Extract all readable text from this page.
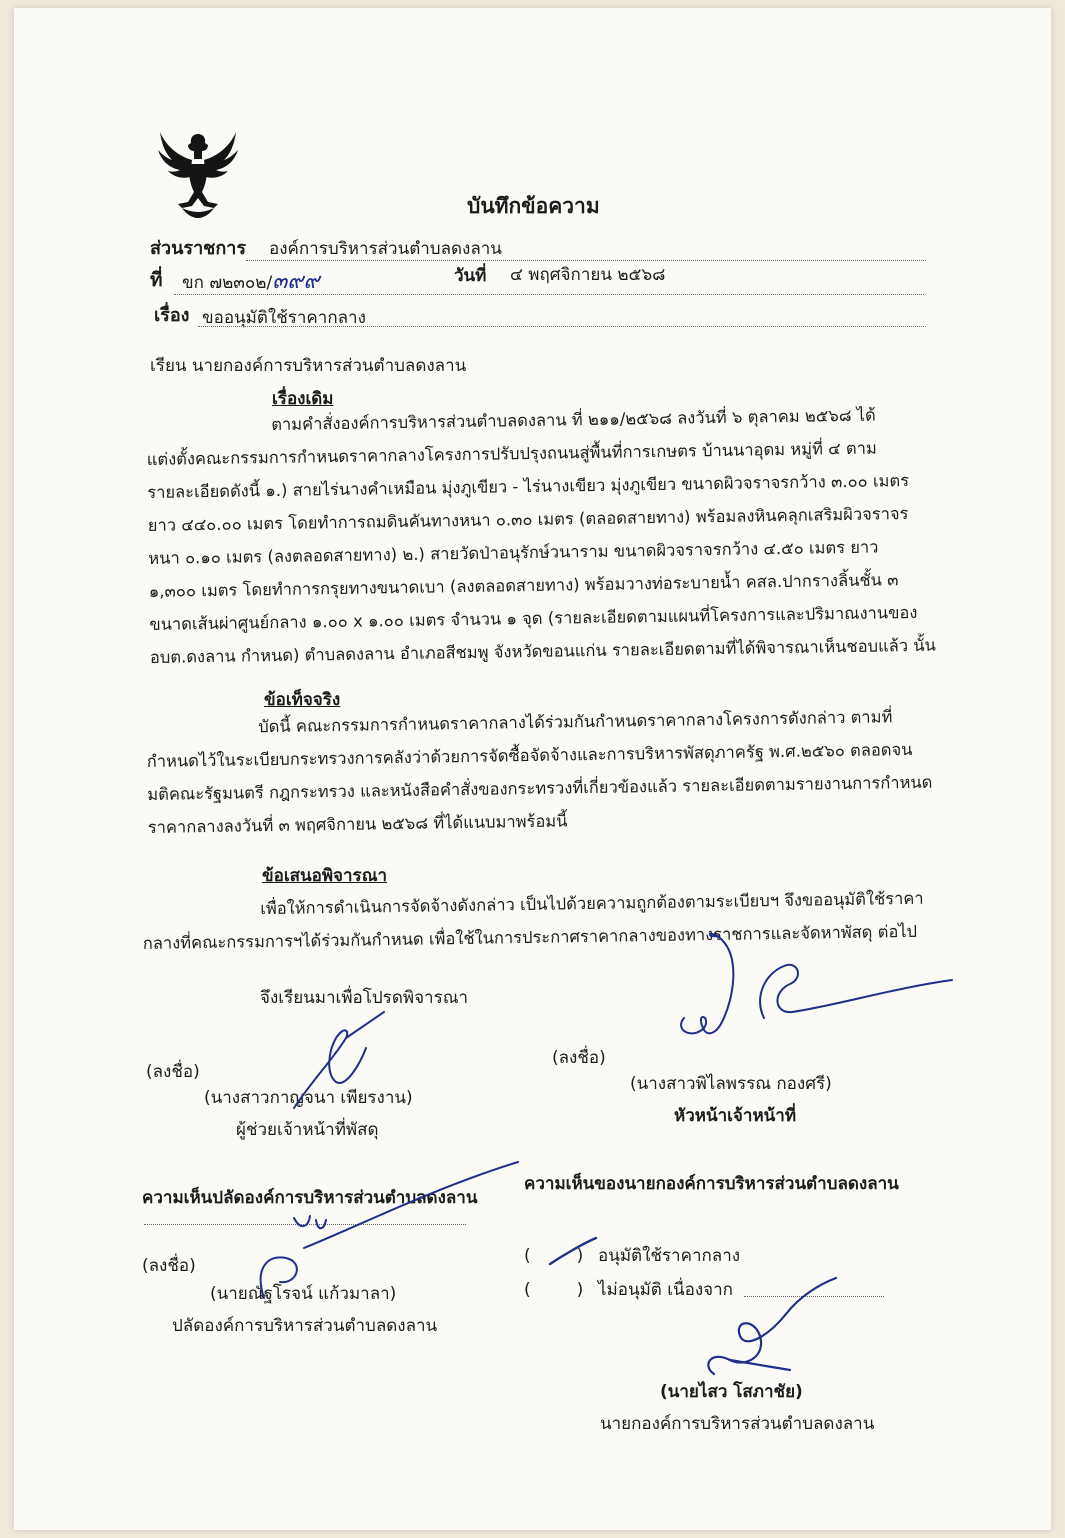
บันทึกข้อความ
ส่วนราชการ องค์การบริหารส่วนตำบลดงลาน
ที่ ขก ๗๒๓๐๒/๓๙๙	วันที่ ๔ พฤศจิกายน ๒๕๖๘
เรื่อง ขออนุมัติใช้ราคากลาง
เรียน นายกองค์การบริหารส่วนตำบลดงลาน
เรื่องเดิม
ตามคำสั่งองค์การบริหารส่วนตำบลดงลาน ที่ ๒๑๑/๒๕๖๘ ลงวันที่ ๖ ตุลาคม ๒๕๖๘ ได้
แต่งตั้งคณะกรรมการกำหนดราคากลางโครงการปรับปรุงถนนสู่พื้นที่การเกษตร บ้านนาอุดม หมู่ที่ ๔ ตาม
รายละเอียดดังนี้ ๑.) สายไร่นางคำเหมือน มุ่งภูเขียว - ไร่นางเขียว มุ่งภูเขียว ขนาดผิวจราจรกว้าง ๓.๐๐ เมตร
ยาว ๔๔๐.๐๐ เมตร โดยทำการถมดินคันทางหนา ๐.๓๐ เมตร (ตลอดสายทาง) พร้อมลงหินคลุกเสริมผิวจราจร
หนา ๐.๑๐ เมตร (ลงตลอดสายทาง) ๒.) สายวัดป่าอนุรักษ์วนาราม ขนาดผิวจราจรกว้าง ๔.๕๐ เมตร ยาว
๑,๓๐๐ เมตร โดยทำการกรุยทางขนาดเบา (ลงตลอดสายทาง) พร้อมวางท่อระบายน้ำ คสล.ปากรางลิ้นชั้น ๓
ขนาดเส้นผ่าศูนย์กลาง ๑.๐๐ x ๑.๐๐ เมตร จำนวน ๑ จุด (รายละเอียดตามแผนที่โครงการและปริมาณงานของ
อบต.ดงลาน กำหนด) ตำบลดงลาน อำเภอสีชมพู จังหวัดขอนแก่น รายละเอียดตามที่ได้พิจารณาเห็นชอบแล้ว นั้น
ข้อเท็จจริง
บัดนี้ คณะกรรมการกำหนดราคากลางได้ร่วมกันกำหนดราคากลางโครงการดังกล่าว ตามที่
กำหนดไว้ในระเบียบกระทรวงการคลังว่าด้วยการจัดซื้อจัดจ้างและการบริหารพัสดุภาครัฐ พ.ศ.๒๕๖๐ ตลอดจน
มติคณะรัฐมนตรี กฎกระทรวง และหนังสือคำสั่งของกระทรวงที่เกี่ยวข้องแล้ว รายละเอียดตามรายงานการกำหนด
ราคากลางลงวันที่ ๓ พฤศจิกายน ๒๕๖๘ ที่ได้แนบมาพร้อมนี้
ข้อเสนอพิจารณา
เพื่อให้การดำเนินการจัดจ้างดังกล่าว เป็นไปด้วยความถูกต้องตามระเบียบฯ จึงขออนุมัติใช้ราคา
กลางที่คณะกรรมการฯได้ร่วมกันกำหนด เพื่อใช้ในการประกาศราคากลางของทางราชการและจัดหาพัสดุ ต่อไป
จึงเรียนมาเพื่อโปรดพิจารณา
(ลงชื่อ)
(นางสาวกาญจนา เพียรงาน)
ผู้ช่วยเจ้าหน้าที่พัสดุ
(ลงชื่อ)
(นางสาวพิไลพรรณ กองศรี)
หัวหน้าเจ้าหน้าที่
ความเห็นปลัดองค์การบริหารส่วนตำบลดงลาน
(ลงชื่อ)
(นายณัฐโรจน์ แก้วมาลา)
ปลัดองค์การบริหารส่วนตำบลดงลาน
ความเห็นของนายกองค์การบริหารส่วนตำบลดงลาน
(	) อนุมัติใช้ราคากลาง
(	) ไม่อนุมัติ เนื่องจาก
(นายไสว โสภาชัย)
นายกองค์การบริหารส่วนตำบลดงลาน
